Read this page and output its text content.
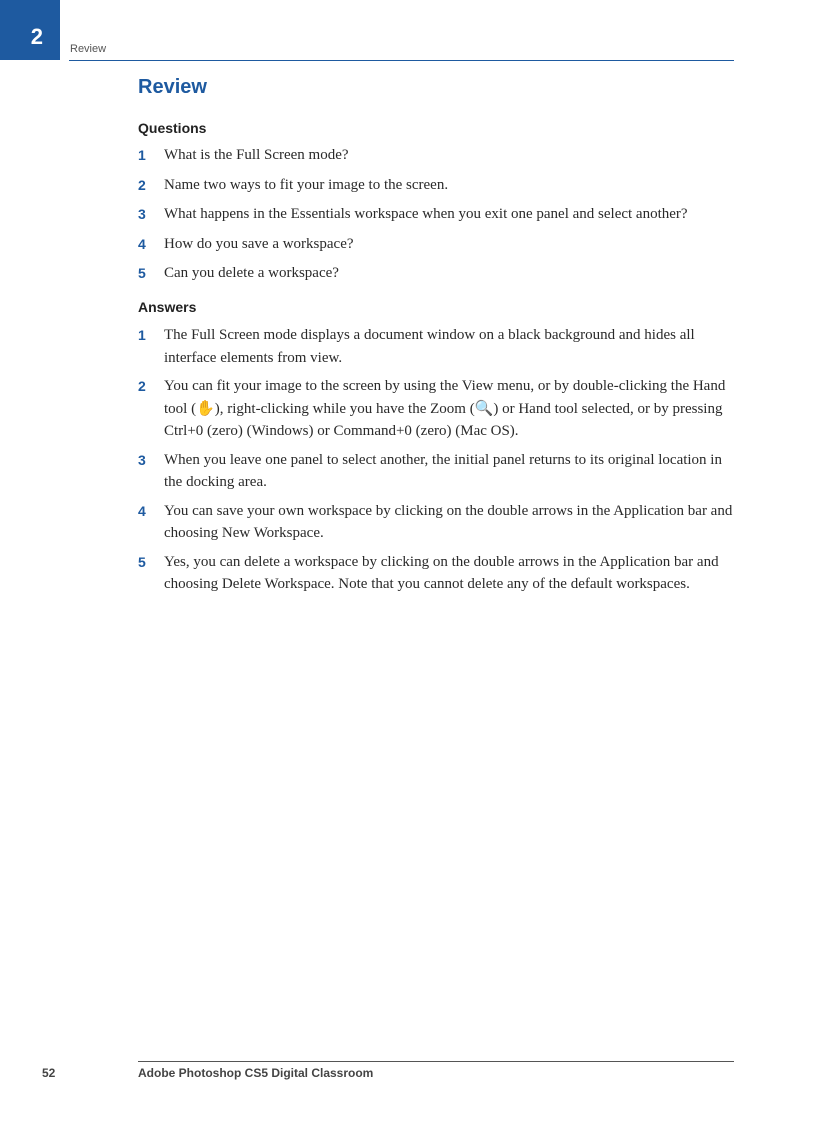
2 Review
Review
Questions
1 What is the Full Screen mode?
2 Name two ways to fit your image to the screen.
3 What happens in the Essentials workspace when you exit one panel and select another?
4 How do you save a workspace?
5 Can you delete a workspace?
Answers
1 The Full Screen mode displays a document window on a black background and hides all interface elements from view.
2 You can fit your image to the screen by using the View menu, or by double-clicking the Hand tool (✋), right-clicking while you have the Zoom (🔍) or Hand tool selected, or by pressing Ctrl+0 (zero) (Windows) or Command+0 (zero) (Mac OS).
3 When you leave one panel to select another, the initial panel returns to its original location in the docking area.
4 You can save your own workspace by clicking on the double arrows in the Application bar and choosing New Workspace.
5 Yes, you can delete a workspace by clicking on the double arrows in the Application bar and choosing Delete Workspace. Note that you cannot delete any of the default workspaces.
52	Adobe Photoshop CS5 Digital Classroom
